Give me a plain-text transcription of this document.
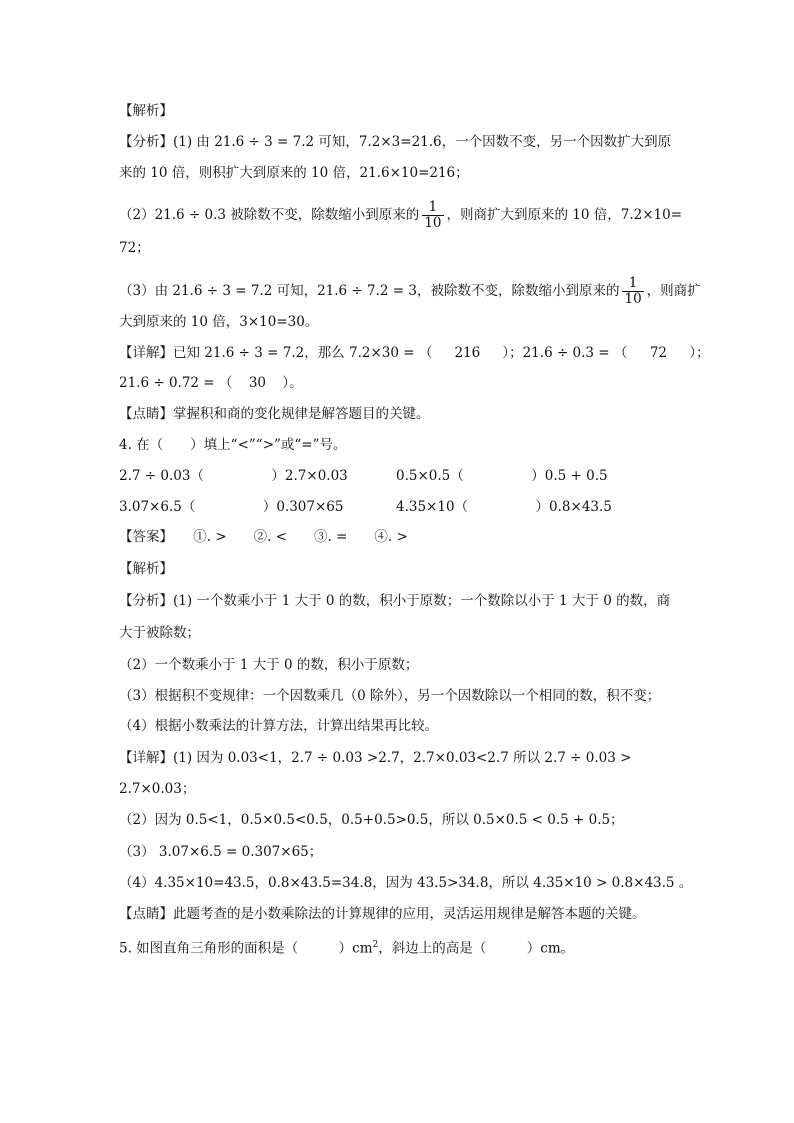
【解析】
【分析】(1) 由 21.6 ÷ 3 = 7.2 可知，7.2×3=21.6，一个因数不变，另一个因数扩大到原
来的 10 倍，则积扩大到原来的 10 倍，21.6×10=216；
（2）21.6 ÷ 0.3 被除数不变，除数缩小到原来的 $\frac{1}{10}$ ，则商扩大到原来的 10 倍，7.2×10=
72；
（3）由 21.6 ÷ 3 = 7.2 可知，21.6 ÷ 7.2 = 3，被除数不变，除数缩小到原来的 $\frac{1}{10}$ ，则商扩
大到原来的 10 倍，3×10=30。
【详解】已知 21.6 ÷ 3 = 7.2，那么 7.2×30 = （ 216 ）；21.6 ÷ 0.3 = （ 72 ）；
21.6 ÷ 0.72 = （ 30 ）。
【点睛】掌握积和商的变化规律是解答题目的关键。
4. 在（　　）填上“<”“>”或“=”号。
2.7 ÷ 0.03（　　　　　）2.7×0.03	0.5×0.5（　　　　　）0.5 + 0.5
3.07×6.5（　　　　　）0.307×65	4.35×10（　　　　　）0.8×43.5
【答案】　　①. >　　②. <　　③. =　　④. >
【解析】
【分析】(1) 一个数乘小于 1 大于 0 的数，积小于原数；一个数除以小于 1 大于 0 的数，商
大于被除数；
（2）一个数乘小于 1 大于 0 的数，积小于原数；
（3）根据积不变规律：一个因数乘几（0 除外），另一个因数除以一个相同的数，积不变；
（4）根据小数乘法的计算方法，计算出结果再比较。
【详解】(1) 因为 0.03<1，2.7 ÷ 0.03 >2.7，2.7×0.03<2.7 所以 2.7 ÷ 0.03 >
2.7×0.03；
（2）因为 0.5<1，0.5×0.5<0.5，0.5+0.5>0.5，所以 0.5×0.5 < 0.5 + 0.5；
（3） 3.07×6.5 = 0.307×65；
（4）4.35×10=43.5，0.8×43.5=34.8，因为 43.5>34.8，所以 4.35×10 > 0.8×43.5 。
【点睛】此题考查的是小数乘除法的计算规律的应用，灵活运用规律是解答本题的关键。
5. 如图直角三角形的面积是（　　　）$cm^2$，斜边上的高是（　　　）cm。
